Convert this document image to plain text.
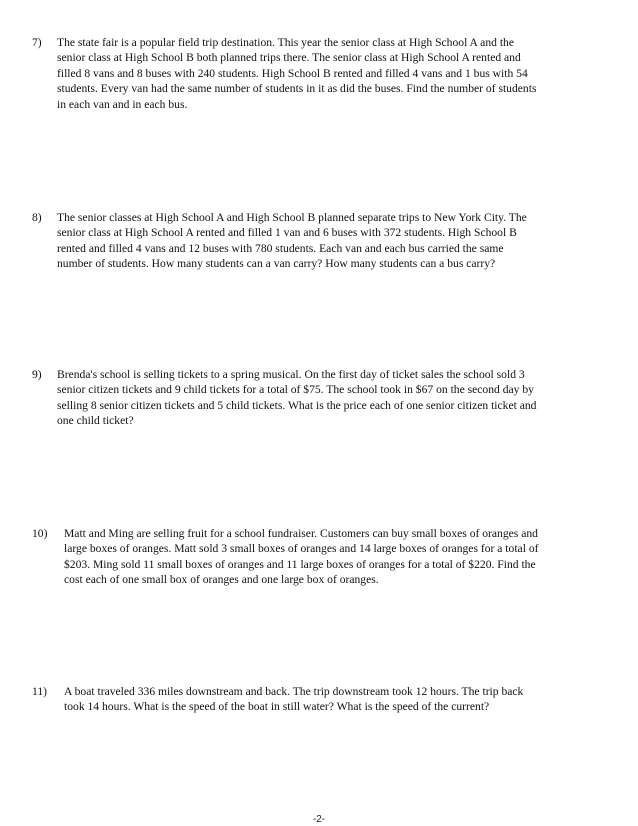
7) The state fair is a popular field trip destination. This year the senior class at High School A and the
senior class at High School B both planned trips there. The senior class at High School A rented and
filled 8 vans and 8 buses with 240 students. High School B rented and filled 4 vans and 1 bus with 54
students. Every van had the same number of students in it as did the buses. Find the number of students
in each van and in each bus.
8) The senior classes at High School A and High School B planned separate trips to New York City. The
senior class at High School A rented and filled 1 van and 6 buses with 372 students. High School B
rented and filled 4 vans and 12 buses with 780 students. Each van and each bus carried the same
number of students. How many students can a van carry? How many students can a bus carry?
9) Brenda's school is selling tickets to a spring musical. On the first day of ticket sales the school sold 3
senior citizen tickets and 9 child tickets for a total of $75. The school took in $67 on the second day by
selling 8 senior citizen tickets and 5 child tickets. What is the price each of one senior citizen ticket and
one child ticket?
10) Matt and Ming are selling fruit for a school fundraiser. Customers can buy small boxes of oranges and
large boxes of oranges. Matt sold 3 small boxes of oranges and 14 large boxes of oranges for a total of
$203. Ming sold 11 small boxes of oranges and 11 large boxes of oranges for a total of $220. Find the
cost each of one small box of oranges and one large box of oranges.
11) A boat traveled 336 miles downstream and back. The trip downstream took 12 hours. The trip back
took 14 hours. What is the speed of the boat in still water? What is the speed of the current?
-2-
